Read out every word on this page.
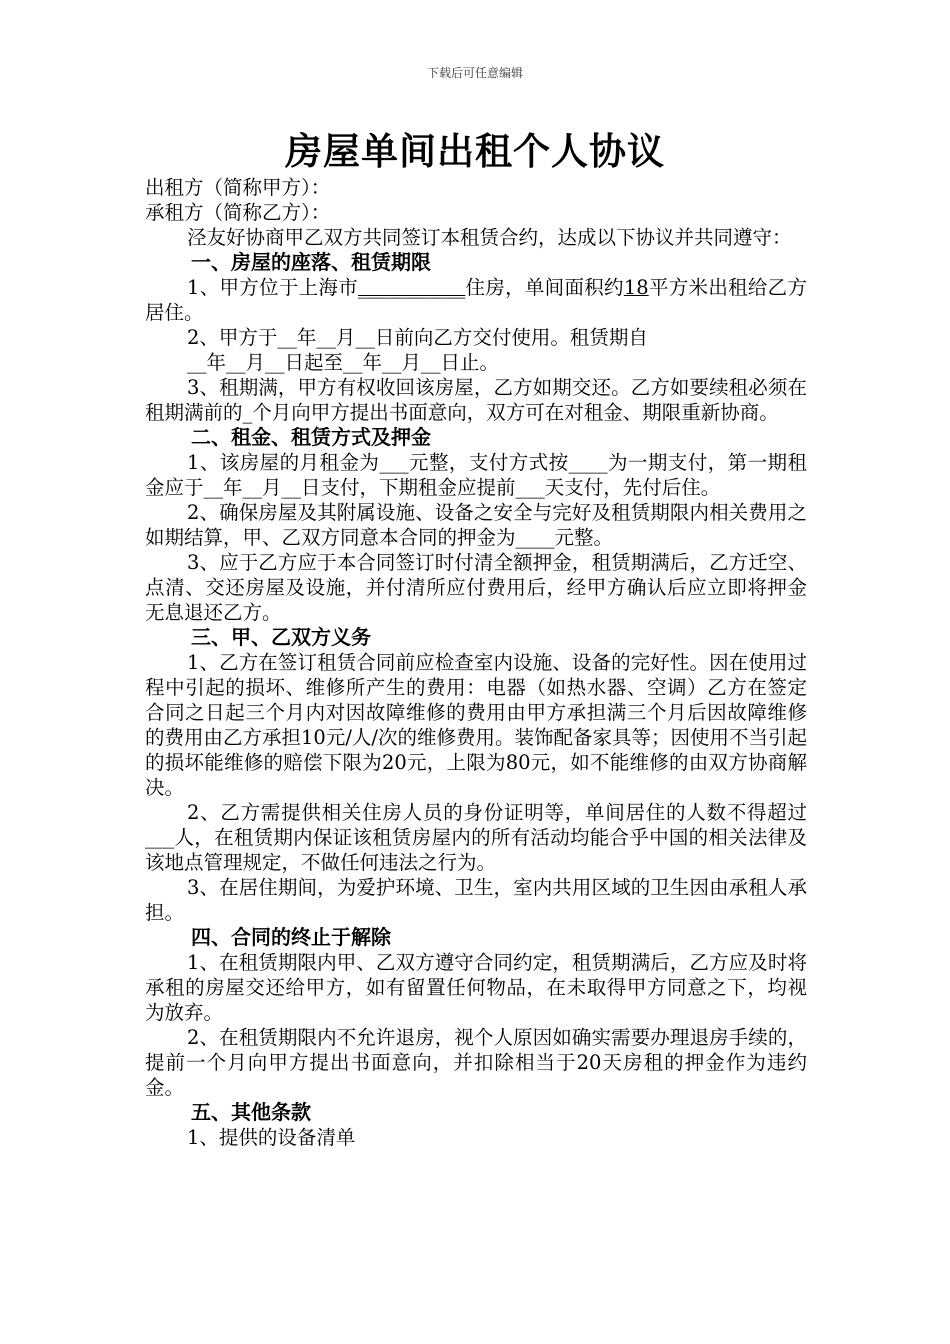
下载后可任意编辑
房屋单间出租个人协议

出租方（简称甲方）：

承租方（简称乙方）：

泾友好协商甲乙双方共同签订本租赁合约，达成以下协议并共同遵守：

一、房屋的座落、租赁期限

1、甲方位于上海市___________住房，单间面积约18平方米出租给乙方居住。

2、甲方于__年__月__日前向乙方交付使用。租赁期自

__年__月__日起至__年__月__日止。

3、租期满，甲方有权收回该房屋，乙方如期交还。乙方如要续租必须在租期满前的_个月向甲方提出书面意向，双方可在对租金、期限重新协商。

二、租金、租赁方式及押金

1、该房屋的月租金为___元整，支付方式按____为一期支付，第一期租金应于__年__月__日支付，下期租金应提前___天支付，先付后住。

2、确保房屋及其附属设施、设备之安全与完好及租赁期限内相关费用之如期结算，甲、乙双方同意本合同的押金为____元整。

3、应于乙方应于本合同签订时付清全额押金，租赁期满后，乙方迁空、点清、交还房屋及设施，并付清所应付费用后，经甲方确认后应立即将押金无息退还乙方。

三、甲、乙双方义务

1、乙方在签订租赁合同前应检查室内设施、设备的完好性。因在使用过程中引起的损坏、维修所产生的费用：电器（如热水器、空调）乙方在签定合同之日起三个月内对因故障维修的费用由甲方承担满三个月后因故障维修的费用由乙方承担10元/人/次的维修费用。装饰配备家具等；因使用不当引起的损坏能维修的赔偿下限为20元，上限为80元，如不能维修的由双方协商解决。

2、乙方需提供相关住房人员的身份证明等，单间居住的人数不得超过___人，在租赁期内保证该租赁房屋内的所有活动均能合乎中国的相关法律及该地点管理规定，不做任何违法之行为。

3、在居住期间，为爱护环境、卫生，室内共用区域的卫生因由承租人承担。

四、合同的终止于解除

1、在租赁期限内甲、乙双方遵守合同约定，租赁期满后，乙方应及时将承租的房屋交还给甲方，如有留置任何物品，在未取得甲方同意之下，均视为放弃。

2、在租赁期限内不允许退房，视个人原因如确实需要办理退房手续的，提前一个月向甲方提出书面意向，并扣除相当于20天房租的押金作为违约金。

五、其他条款

1、提供的设备清单
